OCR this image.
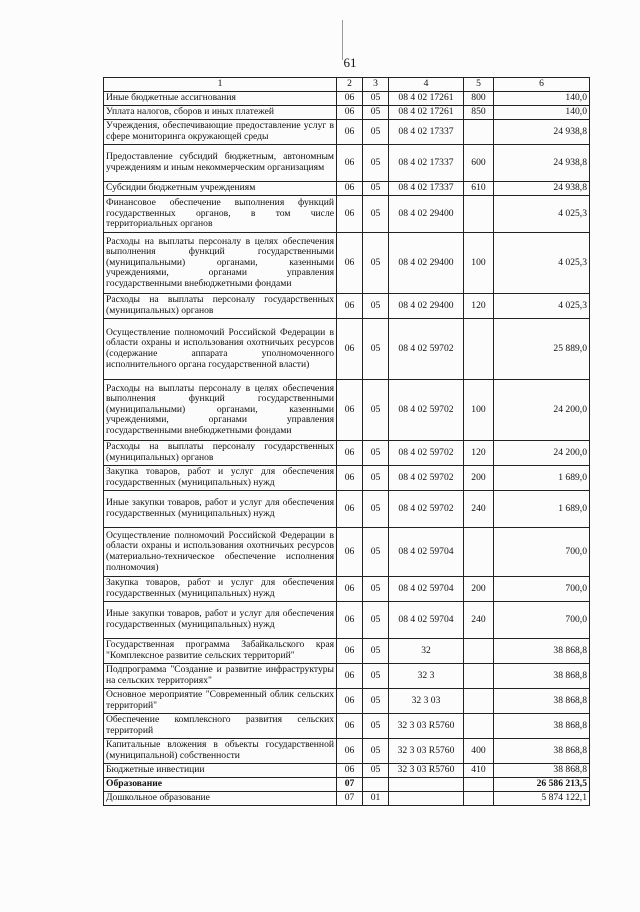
61
1	2	3	4	5	6
Иные бюджетные ассигнования	06	05	08 4 02 17261	800	140,0
Уплата налогов, сборов и иных платежей	06	05	08 4 02 17261	850	140,0
Учреждения, обеспечивающие предоставление услуг в сфере мониторинга окружающей среды	06	05	08 4 02 17337		24 938,8
Предоставление субсидий бюджетным, автономным учреждениям и иным некоммерческим организациям	06	05	08 4 02 17337	600	24 938,8
Субсидии бюджетным учреждениям	06	05	08 4 02 17337	610	24 938,8
Финансовое обеспечение выполнения функций государственных органов, в том числе территориальных органов	06	05	08 4 02 29400		4 025,3
Расходы на выплаты персоналу в целях обеспечения выполнения функций государственными (муниципальными) органами, казенными учреждениями, органами управления государственными внебюджетными фондами	06	05	08 4 02 29400	100	4 025,3
Расходы на выплаты персоналу государственных (муниципальных) органов	06	05	08 4 02 29400	120	4 025,3
Осуществление полномочий Российской Федерации в области охраны и использования охотничьих ресурсов (содержание аппарата уполномоченного исполнительного органа государственной власти)	06	05	08 4 02 59702		25 889,0
Расходы на выплаты персоналу в целях обеспечения выполнения функций государственными (муниципальными) органами, казенными учреждениями, органами управления государственными внебюджетными фондами	06	05	08 4 02 59702	100	24 200,0
Расходы на выплаты персоналу государственных (муниципальных) органов	06	05	08 4 02 59702	120	24 200,0
Закупка товаров, работ и услуг для обеспечения государственных (муниципальных) нужд	06	05	08 4 02 59702	200	1 689,0
Иные закупки товаров, работ и услуг для обеспечения государственных (муниципальных) нужд	06	05	08 4 02 59702	240	1 689,0
Осуществление полномочий Российской Федерации в области охраны и использования охотничьих ресурсов (материально-техническое обеспечение исполнения полномочия)	06	05	08 4 02 59704		700,0
Закупка товаров, работ и услуг для обеспечения государственных (муниципальных) нужд	06	05	08 4 02 59704	200	700,0
Иные закупки товаров, работ и услуг для обеспечения государственных (муниципальных) нужд	06	05	08 4 02 59704	240	700,0
Государственная программа Забайкальского края "Комплексное развитие сельских территорий"	06	05	32		38 868,8
Подпрограмма "Создание и развитие инфраструктуры на сельских территориях"	06	05	32 3		38 868,8
Основное мероприятие "Современный облик сельских территорий"	06	05	32 3 03		38 868,8
Обеспечение комплексного развития сельских территорий	06	05	32 3 03 R5760		38 868,8
Капитальные вложения в объекты государственной (муниципальной) собственности	06	05	32 3 03 R5760	400	38 868,8
Бюджетные инвестиции	06	05	32 3 03 R5760	410	38 868,8
Образование	07				26 586 213,5
Дошкольное образование	07	01			5 874 122,1
